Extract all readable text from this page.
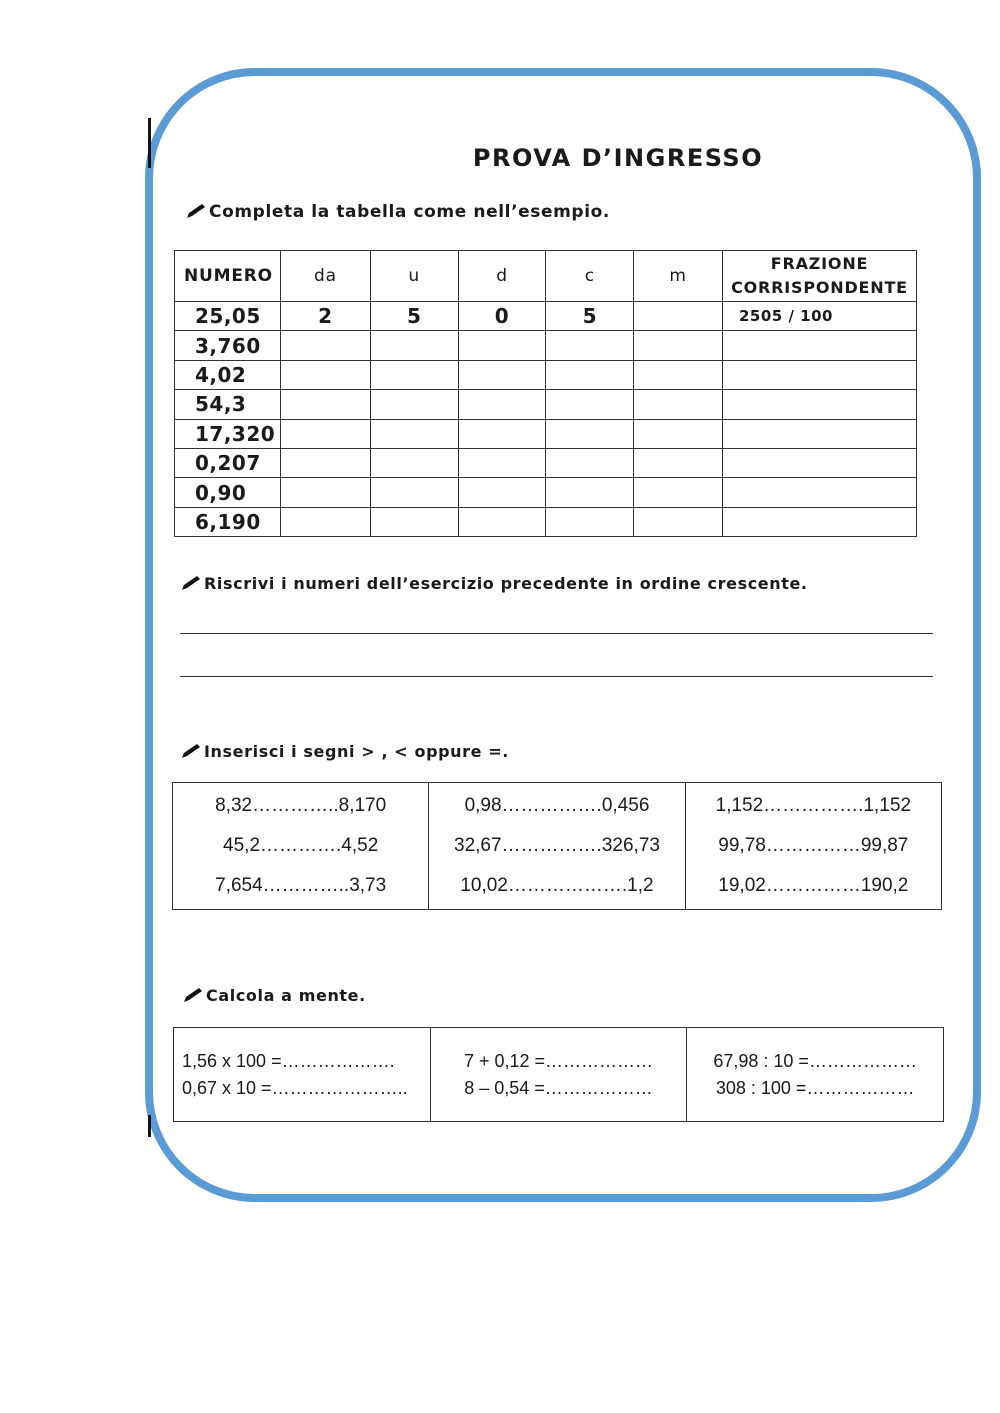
PROVA D’INGRESSO
Completa la tabella come nell’esempio.
NUMERO	da	u	d	c	m	FRAZIONE
CORRISPONDENTE

25,05	2	5	0	5		2505 / 100
3,760						
4,02						
54,3						
17,320						
0,207						
0,90						
6,190						
Riscrivi i numeri dell’esercizio precedente in ordine crescente.
Inserisci i segni > , < oppure =.
8,32…………..8,170
45,2………….4,52
7,654…………..3,73

0,98…………….0,456
32,67…………….326,73
10,02……………….1,2

1,152…………….1,152
99,78……………99,87
19,02……………190,2
Calcola a mente.
1,56 x 100 =……………….
0,67 x 10 =…………………..

7 + 0,12 =………………
8 – 0,54 =………………

67,98 : 10 =………………
308 : 100 =………………
